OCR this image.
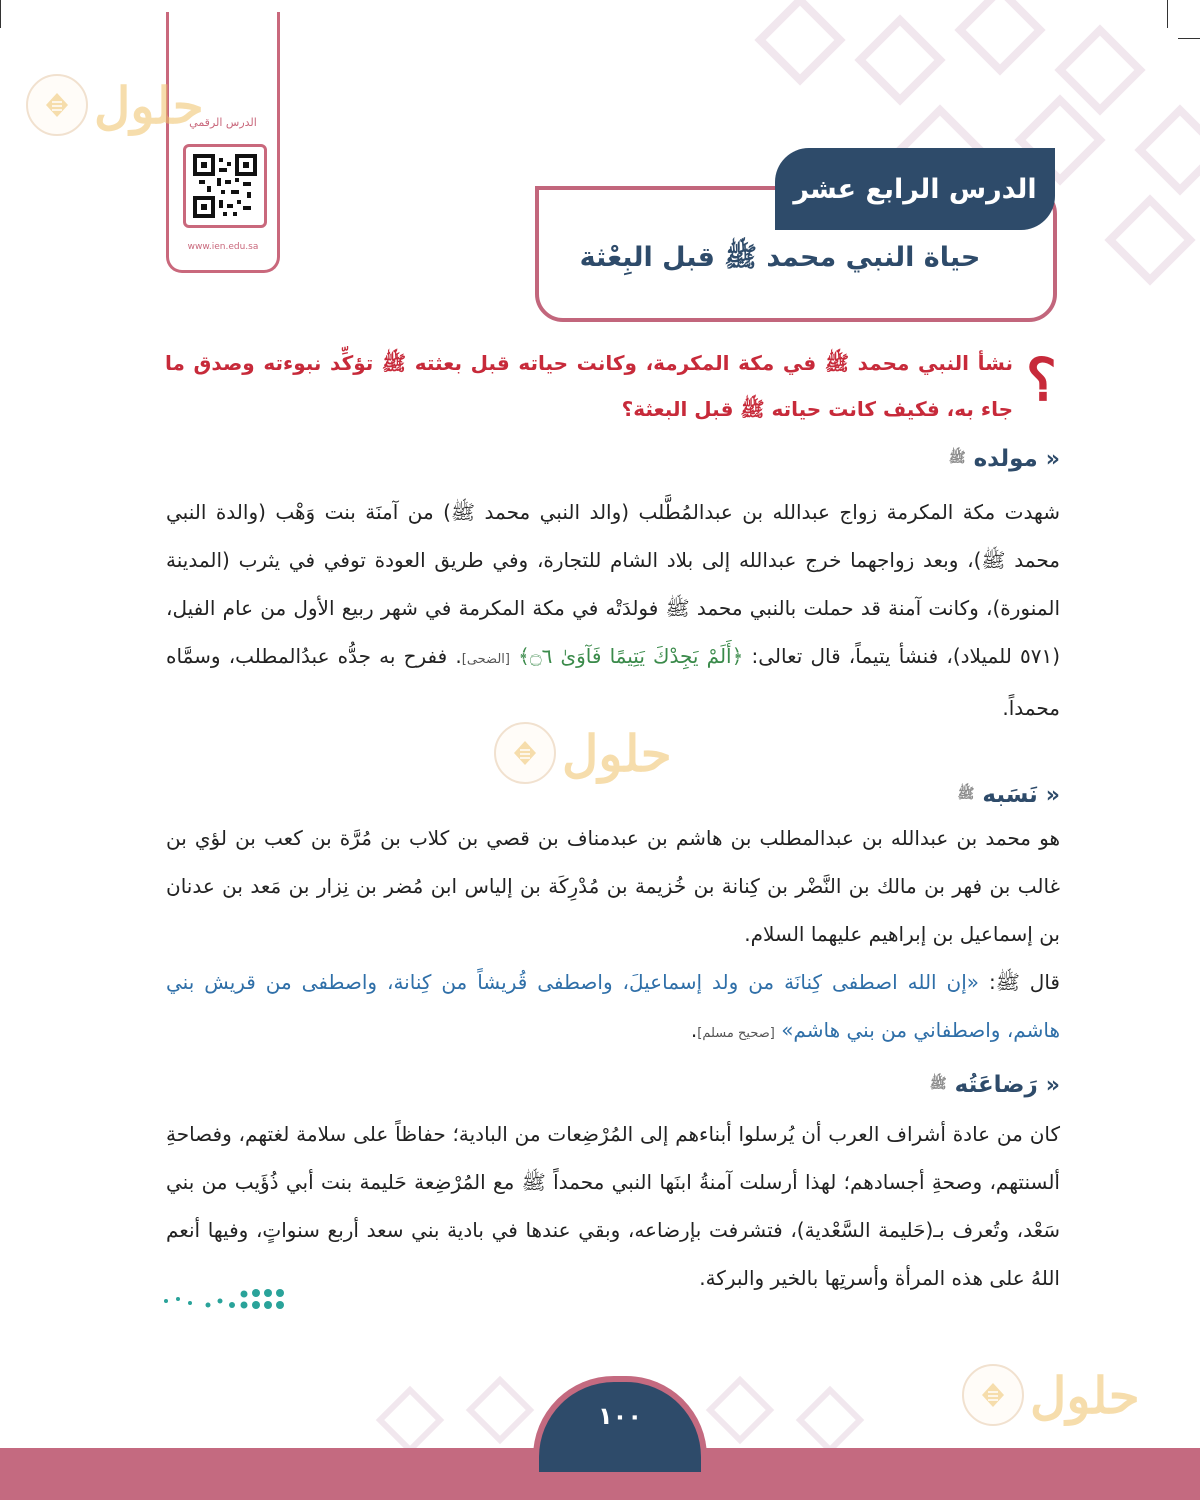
الدرس الرقمي
www.ien.edu.sa
حلول
حلول
حلول
الدرس الرابع عشر
حياة النبي محمد ﷺ قبل البِعْثة
؟
نشأ النبي محمد ﷺ في مكة المكرمة، وكانت حياته قبل بعثته ﷺ تؤكِّد نبوءته وصدق ما جاء به، فكيف كانت حياته ﷺ قبل البعثة؟
«
مولده
ﷺ
شهدت مكة المكرمة زواج عبدالله بن عبدالمُطَّلب (والد النبي محمد ﷺ) من آمنَة بنت وَهْب (والدة النبي محمد ﷺ)، وبعد زواجهما خرج عبدالله إلى بلاد الشام للتجارة، وفي طريق العودة توفي في يثرب (المدينة المنورة)، وكانت آمنة قد حملت بالنبي محمد ﷺ فولدَتْه في مكة المكرمة في شهر ربيع الأول من عام الفيل، (٥٧١ للميلاد)، فنشأ يتيماً، قال تعالى: ﴿أَلَمْ يَجِدْكَ يَتِيمًا فَآوَىٰ ۝٦﴾ [الضحى]. ففرح به جدُّه عبدُالمطلب، وسمَّاه محمداً.
«
نَسَبه
ﷺ
هو محمد بن عبدالله بن عبدالمطلب بن هاشم بن عبدمناف بن قصي بن كلاب بن مُرَّة بن كعب بن لؤي بن غالب بن فهر بن مالك بن النَّضْر بن كِنانة بن خُزيمة بن مُدْرِكَة بن إلياس ابن مُضر بن نِزار بن مَعد بن عدنان بن إسماعيل بن إبراهيم عليهما السلام.
قال ﷺ: «إن الله اصطفى كِنانَة من ولد إسماعيلَ، واصطفى قُريشاً من كِنانة، واصطفى من قريش بني هاشم، واصطفاني من بني هاشم» [صحيح مسلم].
«
رَضاعَتُه
ﷺ
كان من عادة أشراف العرب أن يُرسلوا أبناءهم إلى المُرْضِعات من البادية؛ حفاظاً على سلامة لغتهم، وفصاحةِ ألسنتهم، وصحةِ أجسادهم؛ لهذا أرسلت آمنةُ ابنَها النبي محمداً ﷺ مع المُرْضِعة حَليمة بنت أبي ذُؤَيب من بني سَعْد، وتُعرف بـ(حَليمة السَّعْدية)، فتشرفت بإرضاعه، وبقي عندها في بادية بني سعد أربع سنواتٍ، وفيها أنعم اللهُ على هذه المرأة وأسرتِها بالخير والبركة.
١٠٠
